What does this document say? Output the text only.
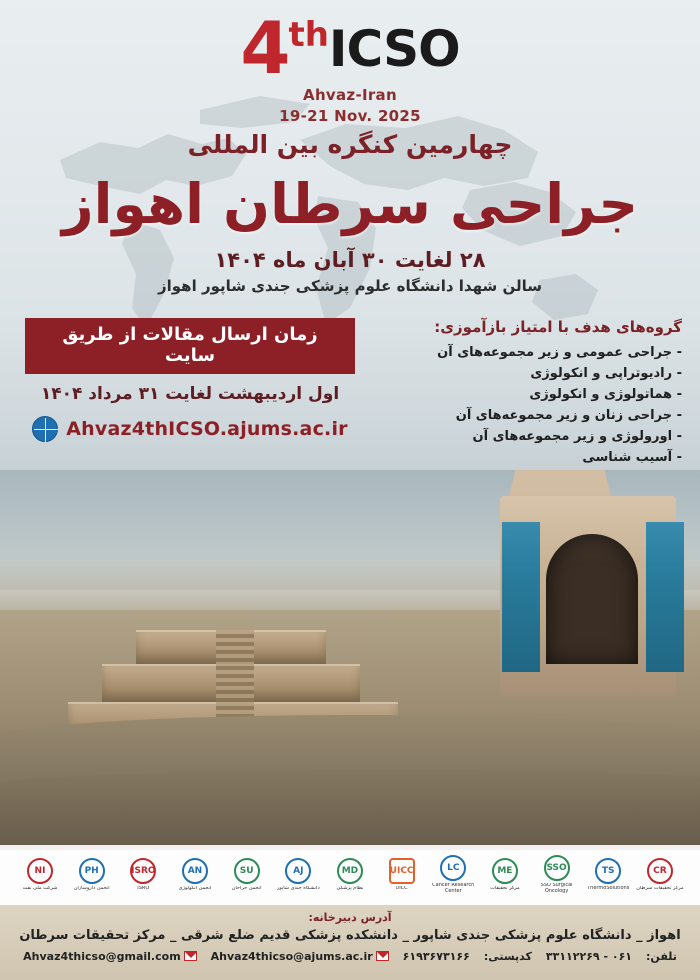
4 th ICSO
Ahvaz-Iran
19-21 Nov. 2025
چهارمین کنگره بین المللی
جراحی سرطان اهواز
۲۸ لغایت ۳۰ آبان ماه ۱۴۰۴
سالن شهدا دانشگاه علوم پزشکی جندی شاپور اهواز
زمان ارسال مقالات از طریق سایت
اول اردیبهشت لغایت ۳۱ مرداد ۱۴۰۴
Ahvaz4thICSO.ajums.ac.ir
گروه‌های هدف با امتیاز بازآموزی:
- جراحی عمومی و زیر مجموعه‌های آن
- رادیوتراپی و انکولوژی
- هماتولوژی و انکولوژی
- جراحی زنان و زیر مجموعه‌های آن
- اورولوژی و زیر مجموعه‌های آن
- آسیب شناسی
NI
شرکت ملی نفت
PH
انجمن داروسازان
ISRO
ISRO
AN
انجمن انکولوژی
SU
انجمن جراحان
AJ
دانشگاه جندی شاپور
MD
نظام پزشکی
UICC
UICC
LC
Cancer Research Center
ME
مرکز تحقیقات
SSO
SSO Surgical Oncology
TS
ThermoSolutions
CR
مرکز تحقیقات سرطان
آدرس دبیرخانه:
اهواز _ دانشگاه علوم پزشکی جندی شاپور _ دانشکده پزشکی قدیم ضلع شرقی _ مرکز تحقیقات سرطان
تلفن:
۰۶۱ - ۳۳۱۱۲۲۶۹
کدپستی:
۶۱۹۳۶۷۳۱۶۶
Ahvaz4thicso@ajums.ac.ir
Ahvaz4thicso@gmail.com
